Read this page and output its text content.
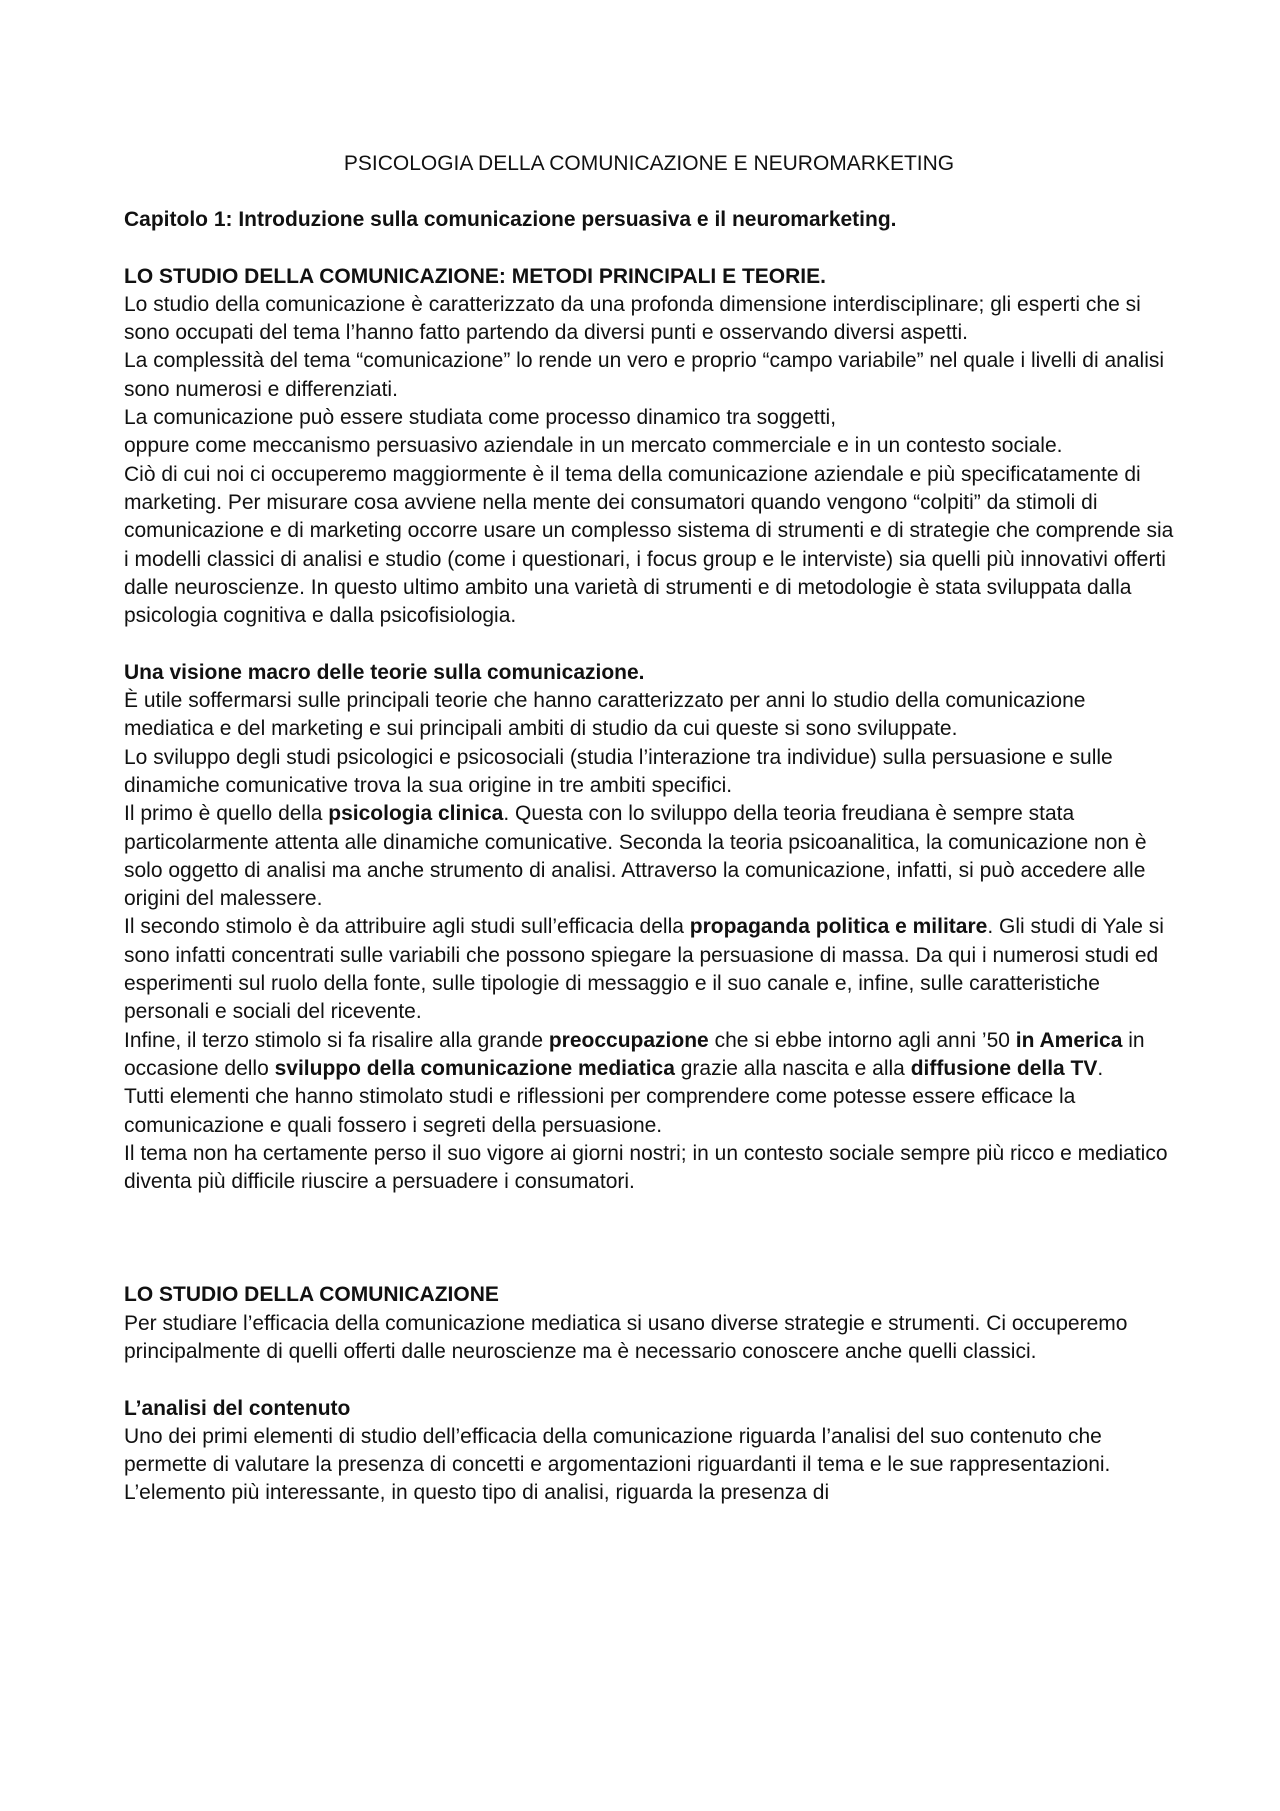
PSICOLOGIA DELLA COMUNICAZIONE E NEUROMARKETING

Capitolo 1: Introduzione sulla comunicazione persuasiva e il neuromarketing.

LO STUDIO DELLA COMUNICAZIONE: METODI PRINCIPALI E TEORIE.

Lo studio della comunicazione è caratterizzato da una profonda dimensione interdisciplinare; gli esperti che si sono occupati del tema l’hanno fatto partendo da diversi punti e osservando diversi aspetti.

La complessità del tema “comunicazione” lo rende un vero e proprio “campo variabile” nel quale i livelli di analisi sono numerosi e differenziati.

La comunicazione può essere studiata come processo dinamico tra soggetti,

oppure come meccanismo persuasivo aziendale in un mercato commerciale e in un contesto sociale.

Ciò di cui noi ci occuperemo maggiormente è il tema della comunicazione aziendale e più specificatamente di marketing. Per misurare cosa avviene nella mente dei consumatori quando vengono “colpiti” da stimoli di comunicazione e di marketing occorre usare un complesso sistema di strumenti e di strategie che comprende sia i modelli classici di analisi e studio (come i questionari, i focus group e le interviste) sia quelli più innovativi offerti dalle neuroscienze. In questo ultimo ambito una varietà di strumenti e di metodologie è stata sviluppata dalla psicologia cognitiva e dalla psicofisiologia.

Una visione macro delle teorie sulla comunicazione.

È utile soffermarsi sulle principali teorie che hanno caratterizzato per anni lo studio della comunicazione mediatica e del marketing e sui principali ambiti di studio da cui queste si sono sviluppate.

Lo sviluppo degli studi psicologici e psicosociali (studia l’interazione tra individue) sulla persuasione e sulle dinamiche comunicative trova la sua origine in tre ambiti specifici.

Il primo è quello della psicologia clinica. Questa con lo sviluppo della teoria freudiana è sempre stata particolarmente attenta alle dinamiche comunicative. Seconda la teoria psicoanalitica, la comunicazione non è solo oggetto di analisi ma anche strumento di analisi. Attraverso la comunicazione, infatti, si può accedere alle origini del malessere.

Il secondo stimolo è da attribuire agli studi sull’efficacia della propaganda politica e militare. Gli studi di Yale si sono infatti concentrati sulle variabili che possono spiegare la persuasione di massa. Da qui i numerosi studi ed esperimenti sul ruolo della fonte, sulle tipologie di messaggio e il suo canale e, infine, sulle caratteristiche personali e sociali del ricevente.

Infine, il terzo stimolo si fa risalire alla grande preoccupazione che si ebbe intorno agli anni ’50 in America in occasione dello sviluppo della comunicazione mediatica grazie alla nascita e alla diffusione della TV.

Tutti elementi che hanno stimolato studi e riflessioni per comprendere come potesse essere efficace la comunicazione e quali fossero i segreti della persuasione.

Il tema non ha certamente perso il suo vigore ai giorni nostri; in un contesto sociale sempre più ricco e mediatico diventa più difficile riuscire a persuadere i consumatori.

LO STUDIO DELLA COMUNICAZIONE

Per studiare l’efficacia della comunicazione mediatica si usano diverse strategie e strumenti. Ci occuperemo principalmente di quelli offerti dalle neuroscienze ma è necessario conoscere anche quelli classici.

L’analisi del contenuto

Uno dei primi elementi di studio dell’efficacia della comunicazione riguarda l’analisi del suo contenuto che permette di valutare la presenza di concetti e argomentazioni riguardanti il tema e le sue rappresentazioni. L’elemento più interessante, in questo tipo di analisi, riguarda la presenza di
